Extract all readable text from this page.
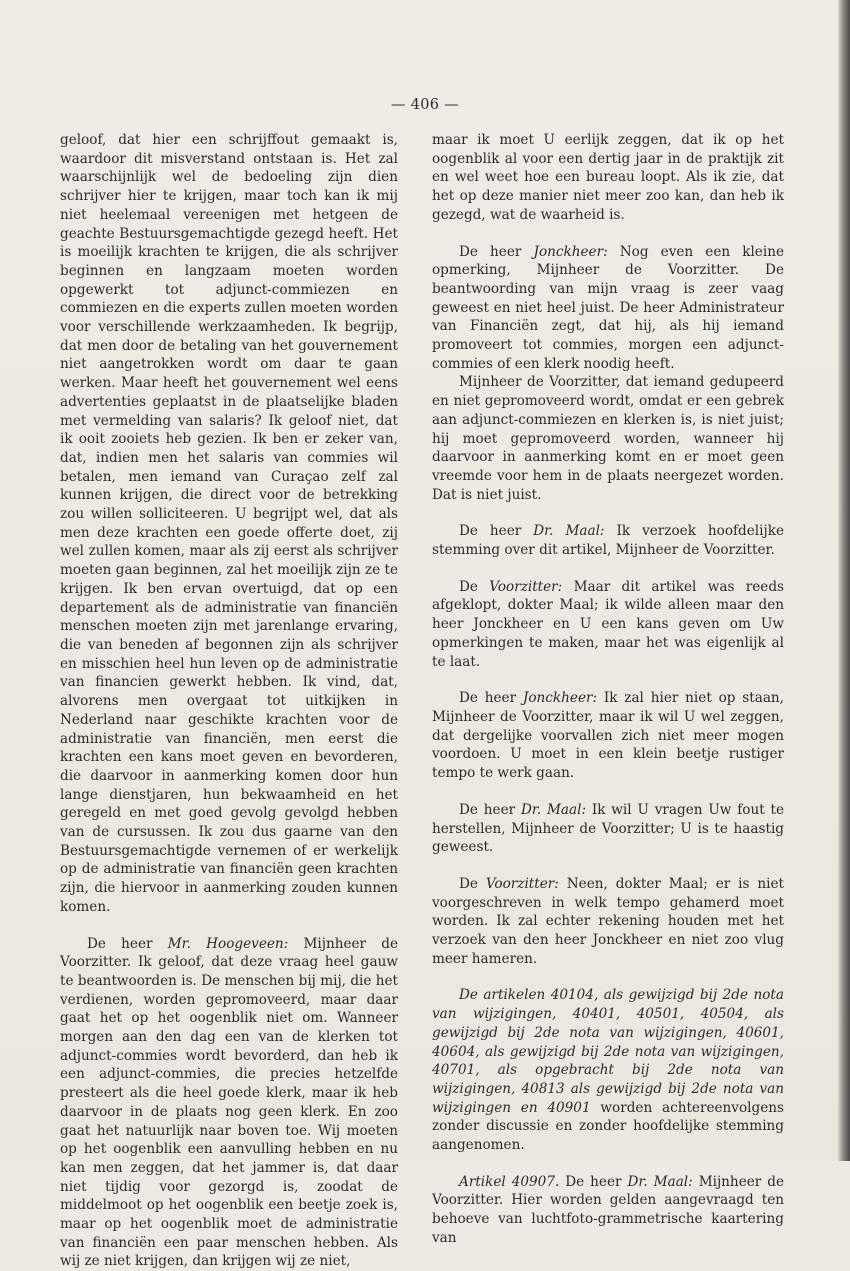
— 406 —

geloof, dat hier een schrijffout gemaakt is, waardoor dit misverstand ontstaan is. Het zal waarschijnlijk wel de bedoeling zijn dien schrijver hier te krijgen, maar toch kan ik mij niet heelemaal vereenigen met hetgeen de geachte Bestuursgemachtigde gezegd heeft. Het is moeilijk krachten te krijgen, die als schrijver beginnen en langzaam moeten worden opgewerkt tot adjunct-commiezen en commiezen en die experts zullen moeten worden voor verschillende werkzaamheden. Ik begrijp, dat men door de betaling van het gouvernement niet aangetrokken wordt om daar te gaan werken. Maar heeft het gouvernement wel eens advertenties geplaatst in de plaatselijke bladen met vermelding van salaris? Ik geloof niet, dat ik ooit zooiets heb gezien. Ik ben er zeker van, dat, indien men het salaris van commies wil betalen, men iemand van Curaçao zelf zal kunnen krijgen, die direct voor de betrekking zou willen solliciteeren. U begrijpt wel, dat als men deze krachten een goede offerte doet, zij wel zullen komen, maar als zij eerst als schrijver moeten gaan beginnen, zal het moeilijk zijn ze te krijgen. Ik ben ervan overtuigd, dat op een departement als de administratie van financiën menschen moeten zijn met jarenlange ervaring, die van beneden af begonnen zijn als schrijver en misschien heel hun leven op de administratie van financien gewerkt hebben. Ik vind, dat, alvorens men overgaat tot uitkijken in Nederland naar geschikte krachten voor de administratie van financiën, men eerst die krachten een kans moet geven en bevorderen, die daarvoor in aanmerking komen door hun lange dienstjaren, hun bekwaamheid en het geregeld en met goed gevolg gevolgd hebben van de cursussen. Ik zou dus gaarne van den Bestuursgemachtigde vernemen of er werkelijk op de administratie van financiën geen krachten zijn, die hiervoor in aanmerking zouden kunnen komen.

De heer Mr. Hoogeveen: Mijnheer de Voorzitter. Ik geloof, dat deze vraag heel gauw te beantwoorden is. De menschen bij mij, die het verdienen, worden gepromoveerd, maar daar gaat het op het oogenblik niet om. Wanneer morgen aan den dag een van de klerken tot adjunct-commies wordt bevorderd, dan heb ik een adjunct-commies, die precies hetzelfde presteert als die heel goede klerk, maar ik heb daarvoor in de plaats nog geen klerk. En zoo gaat het natuurlijk naar boven toe. Wij moeten op het oogenblik een aanvulling hebben en nu kan men zeggen, dat het jammer is, dat daar niet tijdig voor gezorgd is, zoodat de middelmoot op het oogenblik een beetje zoek is, maar op het oogenblik moet de administratie van financiën een paar menschen hebben. Als wij ze niet krijgen, dan krijgen wij ze niet,

maar ik moet U eerlijk zeggen, dat ik op het oogenblik al voor een dertig jaar in de praktijk zit en wel weet hoe een bureau loopt. Als ik zie, dat het op deze manier niet meer zoo kan, dan heb ik gezegd, wat de waarheid is.

De heer Jonckheer: Nog even een kleine opmerking, Mijnheer de Voorzitter. De beantwoording van mijn vraag is zeer vaag geweest en niet heel juist. De heer Administrateur van Financiën zegt, dat hij, als hij iemand promoveert tot commies, morgen een adjunct-commies of een klerk noodig heeft.

Mijnheer de Voorzitter, dat iemand gedupeerd en niet gepromoveerd wordt, omdat er een gebrek aan adjunct-commiezen en klerken is, is niet juist; hij moet gepromoveerd worden, wanneer hij daarvoor in aanmerking komt en er moet geen vreemde voor hem in de plaats neergezet worden. Dat is niet juist.

De heer Dr. Maal: Ik verzoek hoofdelijke stemming over dit artikel, Mijnheer de Voorzitter.

De Voorzitter: Maar dit artikel was reeds afgeklopt, dokter Maal; ik wilde alleen maar den heer Jonckheer en U een kans geven om Uw opmerkingen te maken, maar het was eigenlijk al te laat.

De heer Jonckheer: Ik zal hier niet op staan, Mijnheer de Voorzitter, maar ik wil U wel zeggen, dat dergelijke voorvallen zich niet meer mogen voordoen. U moet in een klein beetje rustiger tempo te werk gaan.

De heer Dr. Maal: Ik wil U vragen Uw fout te herstellen, Mijnheer de Voorzitter; U is te haastig geweest.

De Voorzitter: Neen, dokter Maal; er is niet voorgeschreven in welk tempo gehamerd moet worden. Ik zal echter rekening houden met het verzoek van den heer Jonckheer en niet zoo vlug meer hameren.

De artikelen 40104, als gewijzigd bij 2de nota van wijzigingen, 40401, 40501, 40504, als gewijzigd bij 2de nota van wijzigingen, 40601, 40604, als gewijzigd bij 2de nota van wijzigingen, 40701, als opgebracht bij 2de nota van wijzigingen, 40813 als gewijzigd bij 2de nota van wijzigingen en 40901 worden achtereenvolgens zonder discussie en zonder hoofdelijke stemming aangenomen.

Artikel 40907. De heer Dr. Maal: Mijnheer de Voorzitter. Hier worden gelden aangevraagd ten behoeve van luchtfoto-grammetrische kaartering van
